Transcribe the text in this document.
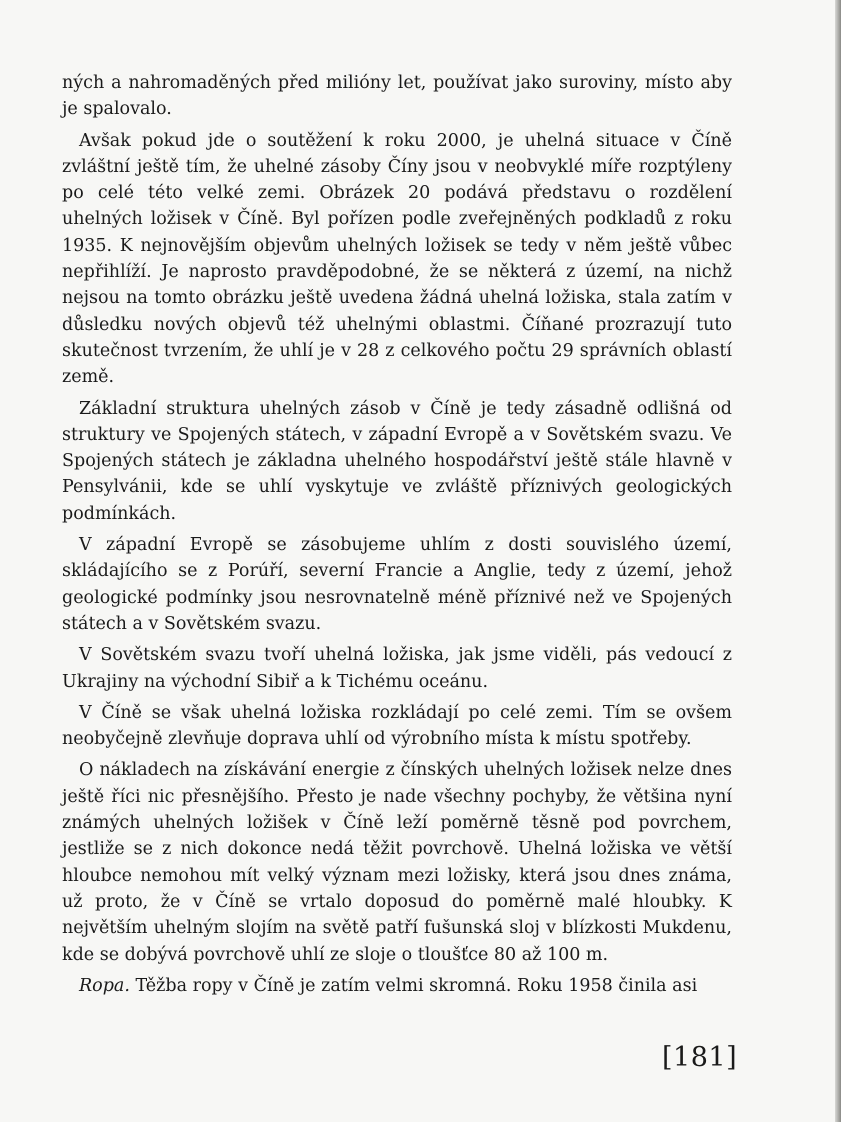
ných a nahromaděných před milióny let, používat jako suroviny, místo aby je spalovalo.

Avšak pokud jde o soutěžení k roku 2000, je uhelná situace v Číně zvláštní ještě tím, že uhelné zásoby Číny jsou v neobvyklé míře rozptýleny po celé této velké zemi. Obrázek 20 podává představu o rozdělení uhelných ložisek v Číně. Byl pořízen podle zveřejněných podkladů z roku 1935. K nejnovějším objevům uhelných ložisek se tedy v něm ještě vůbec nepřihlíží. Je naprosto pravděpodobné, že se některá z území, na nichž nejsou na tomto obrázku ještě uvedena žádná uhelná ložiska, stala zatím v důsledku nových objevů též uhelnými oblastmi. Číňané prozrazují tuto skutečnost tvrzením, že uhlí je v 28 z celkového počtu 29 správních oblastí země.

Základní struktura uhelných zásob v Číně je tedy zásadně odlišná od struktury ve Spojených státech, v západní Evropě a v Sovětském svazu. Ve Spojených státech je základna uhelného hospodářství ještě stále hlavně v Pensylvánii, kde se uhlí vyskytuje ve zvláště příznivých geologických podmínkách.

V západní Evropě se zásobujeme uhlím z dosti souvislého území, skládajícího se z Porúří, severní Francie a Anglie, tedy z území, jehož geologické podmínky jsou nesrovnatelně méně příznivé než ve Spojených státech a v Sovětském svazu.

V Sovětském svazu tvoří uhelná ložiska, jak jsme viděli, pás vedoucí z Ukrajiny na východní Sibiř a k Tichému oceánu.

V Číně se však uhelná ložiska rozkládají po celé zemi. Tím se ovšem neobyčejně zlevňuje doprava uhlí od výrobního místa k místu spotřeby.

O nákladech na získávání energie z čínských uhelných ložisek nelze dnes ještě říci nic přesnějšího. Přesto je nade všechny pochyby, že většina nyní známých uhelných ložišek v Číně leží poměrně těsně pod povrchem, jestliže se z nich dokonce nedá těžit povrchově. Uhelná ložiska ve větší hloubce nemohou mít velký význam mezi ložisky, která jsou dnes známa, už proto, že v Číně se vrtalo doposud do poměrně malé hloubky. K největším uhelným slojím na světě patří fušunská sloj v blízkosti Mukdenu, kde se dobývá povrchově uhlí ze sloje o tloušťce 80 až 100 m.

Ropa. Těžba ropy v Číně je zatím velmi skromná. Roku 1958 činila asi

[181]
